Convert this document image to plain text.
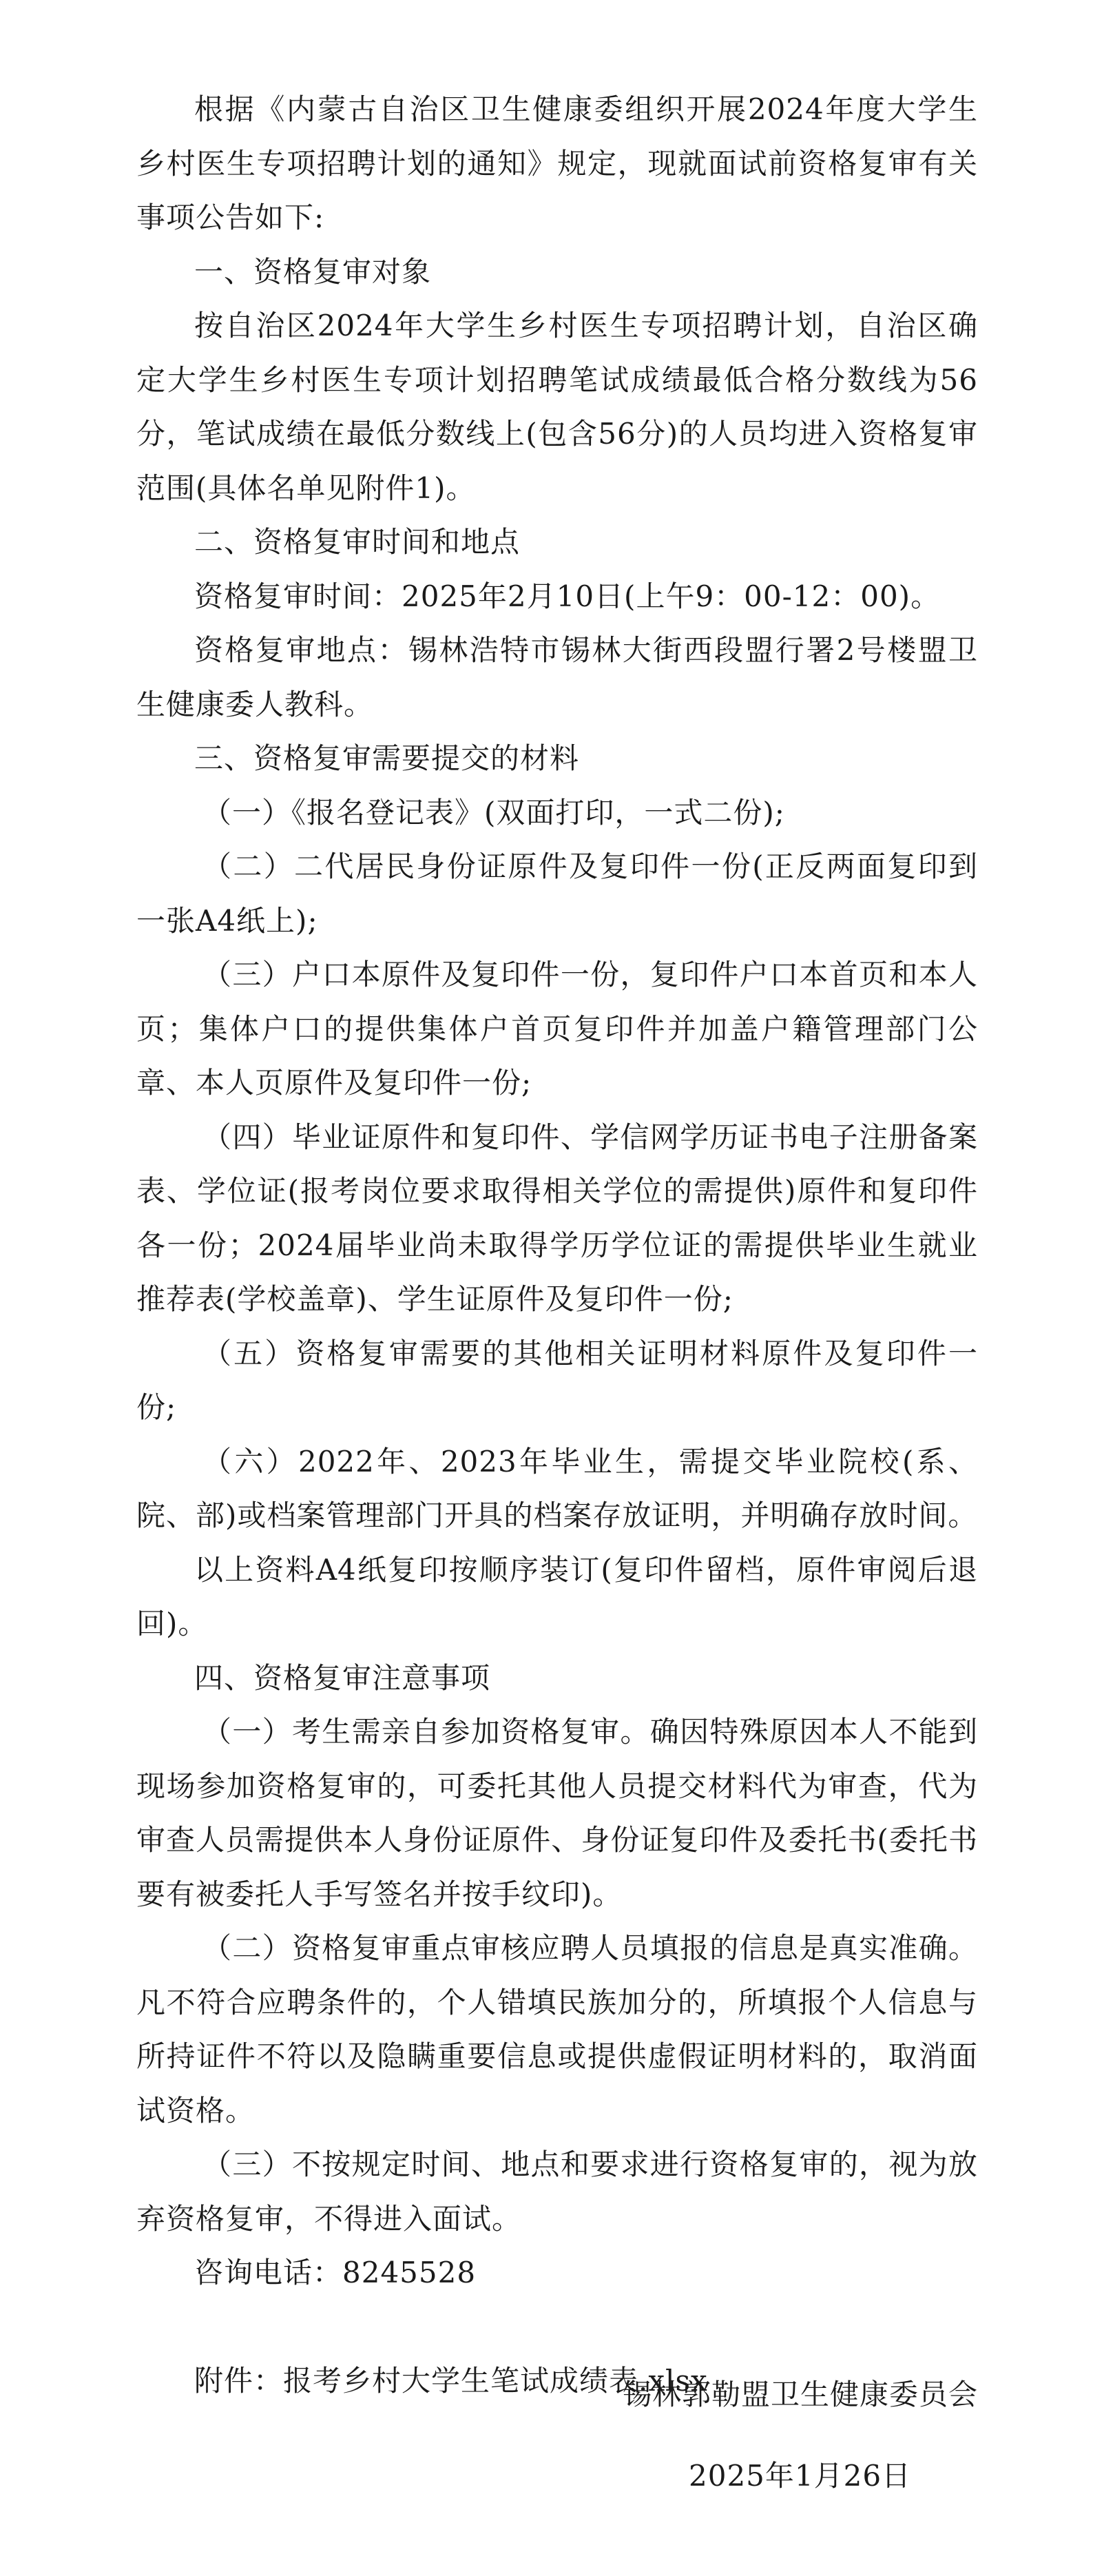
根据《内蒙古自治区卫生健康委组织开展2024年度大学生乡村医生专项招聘计划的通知》规定，现就面试前资格复审有关事项公告如下:

一、资格复审对象

按自治区2024年大学生乡村医生专项招聘计划，自治区确定大学生乡村医生专项计划招聘笔试成绩最低合格分数线为56分，笔试成绩在最低分数线上(包含56分)的人员均进入资格复审范围(具体名单见附件1)。

二、资格复审时间和地点

资格复审时间：2025年2月10日(上午9：00-12：00)。

资格复审地点：锡林浩特市锡林大街西段盟行署2号楼盟卫生健康委人教科。

三、资格复审需要提交的材料

（一）《报名登记表》(双面打印，一式二份);

（二）二代居民身份证原件及复印件一份(正反两面复印到一张A4纸上);

（三）户口本原件及复印件一份，复印件户口本首页和本人页；集体户口的提供集体户首页复印件并加盖户籍管理部门公章、本人页原件及复印件一份;

（四）毕业证原件和复印件、学信网学历证书电子注册备案表、学位证(报考岗位要求取得相关学位的需提供)原件和复印件各一份；2024届毕业尚未取得学历学位证的需提供毕业生就业推荐表(学校盖章)、学生证原件及复印件一份;

（五）资格复审需要的其他相关证明材料原件及复印件一份;

（六）2022年、2023年毕业生，需提交毕业院校(系、院、部)或档案管理部门开具的档案存放证明，并明确存放时间。

以上资料A4纸复印按顺序装订(复印件留档，原件审阅后退回)。

四、资格复审注意事项

（一）考生需亲自参加资格复审。确因特殊原因本人不能到现场参加资格复审的，可委托其他人员提交材料代为审查，代为审查人员需提供本人身份证原件、身份证复印件及委托书(委托书要有被委托人手写签名并按手纹印)。

（二）资格复审重点审核应聘人员填报的信息是真实准确。凡不符合应聘条件的，个人错填民族加分的，所填报个人信息与所持证件不符以及隐瞒重要信息或提供虚假证明材料的，取消面试资格。

（三）不按规定时间、地点和要求进行资格复审的，视为放弃资格复审，不得进入面试。

咨询电话：8245528

附件：报考乡村大学生笔试成绩表.xlsx

锡林郭勒盟卫生健康委员会
2025年1月26日
